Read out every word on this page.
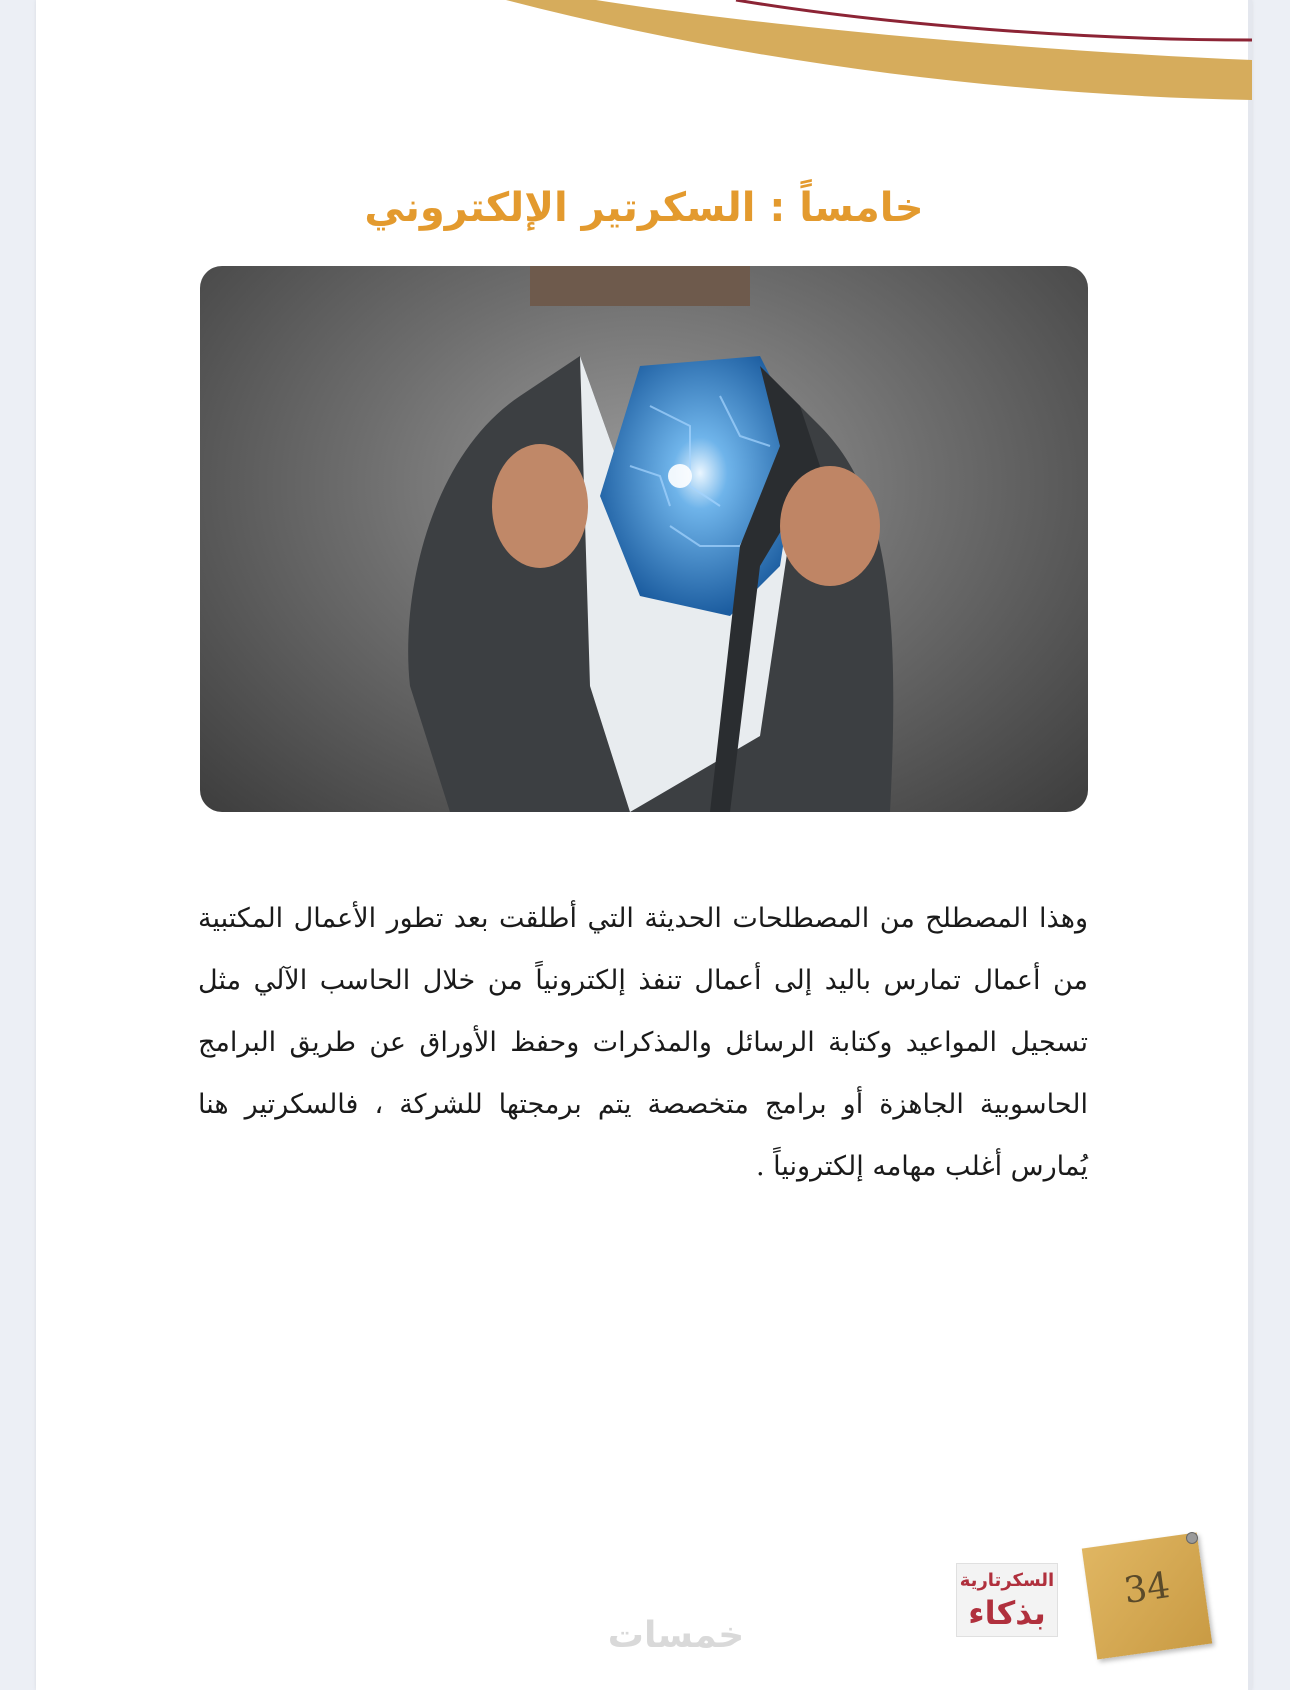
خامساً : السكرتير الإلكتروني
وهذا المصطلح من المصطلحات الحديثة التي أطلقت بعد تطور الأعمال المكتبية من أعمال تمارس باليد إلى أعمال تنفذ إلكترونياً من خلال الحاسب الآلي مثل تسجيل المواعيد وكتابة الرسائل والمذكرات وحفظ الأوراق عن طريق البرامج الحاسوبية الجاهزة أو برامج متخصصة يتم برمجتها للشركة ، فالسكرتير هنا يُمارس أغلب مهامه إلكترونياً .
السكرتارية
بذكاء
34
خمسات
